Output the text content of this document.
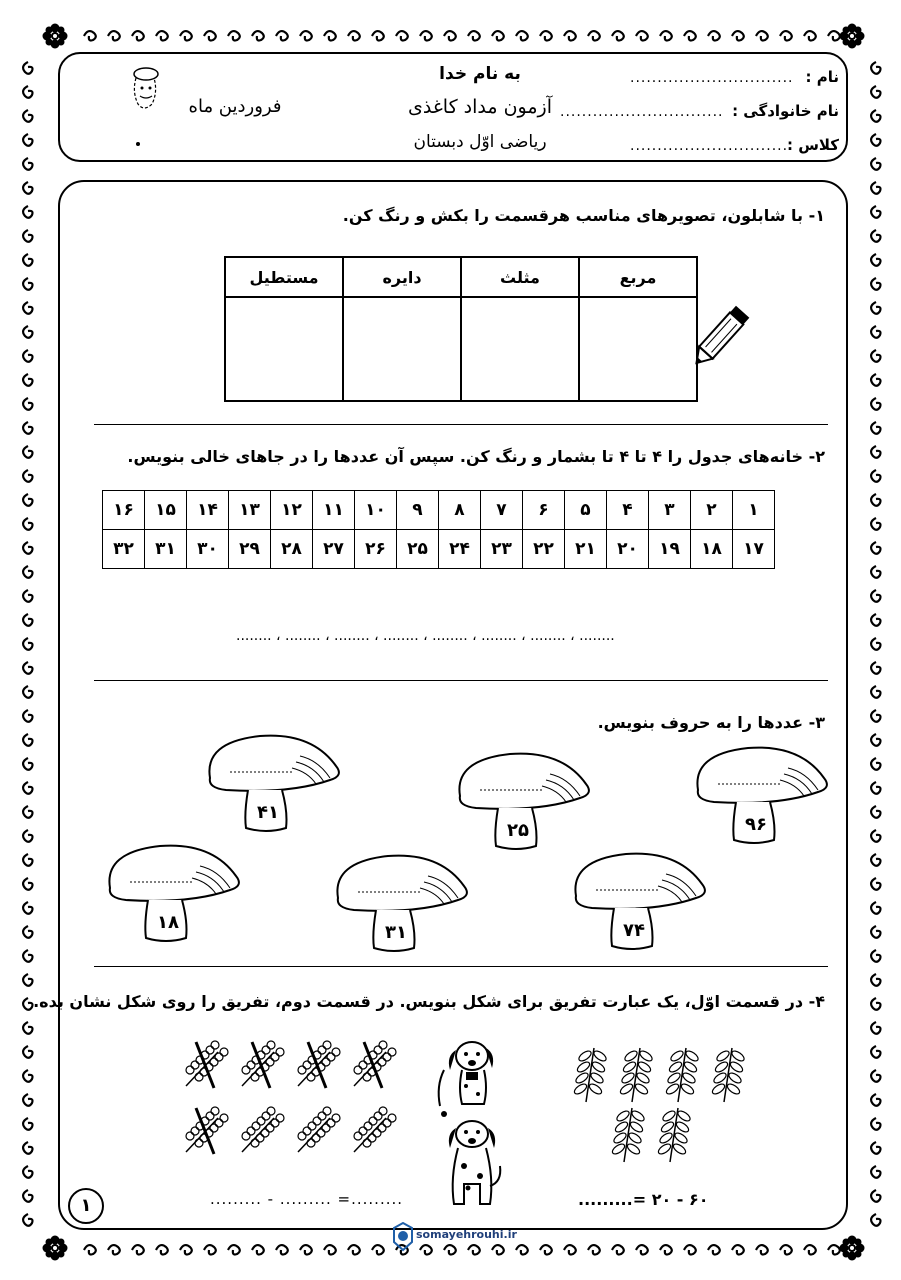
نام :
..............................
نام خانوادگی :
..............................
کلاس :
..............................
به نام خدا
آزمون مداد کاغذی
ریاضی اوّل دبستان
فروردین ماه
۱- با شابلون، تصویرهای مناسب هرقسمت را بکش و رنگ کن.
مربع	مثلث	دایره	مستطیل

۲- خانه‌های جدول را ۴ تا ۴ تا بشمار و رنگ کن. سپس آن عددها را در جاهای خالی بنویس.
۱	۲	۳	۴	۵	۶	۷	۸	۹	۱۰	۱۱	۱۲	۱۳	۱۴	۱۵	۱۶
۱۷	۱۸	۱۹	۲۰	۲۱	۲۲	۲۳	۲۴	۲۵	۲۶	۲۷	۲۸	۲۹	۳۰	۳۱	۳۲
........ ، ........ ، ........ ، ........ ، ........ ، ........ ، ........ ، ........
۳- عددها را به حروف بنویس.
۴۱
۲۵	۹۶
۱۸	۳۱	۷۴
۴- در قسمت اوّل، یک عبارت تفریق برای شکل بنویس. در قسمت دوم، تفریق را روی شکل نشان بده.
......... - ......... =.........	۶۰ - ۲۰ =.........
۱
somayehrouhi.ir
